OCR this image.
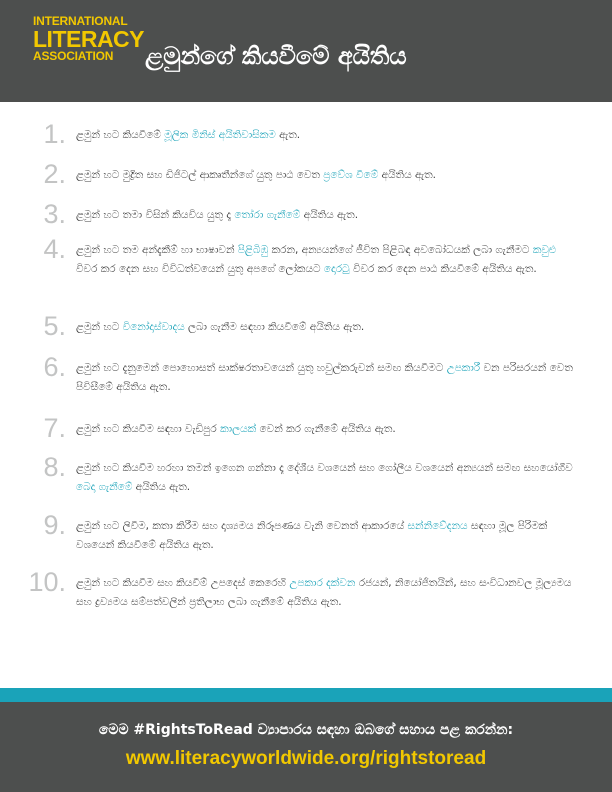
INTERNATIONAL
LITERACY
ASSOCIATION	ළමුන්ගේ කියවීමේ අයිතිය
1. ළමුන් හට කියවීමේ මූලික මිනිස් අයිතිවාසිකම ඇත.
2. ළමුන් හට මුද්‍රිත සහ ඩිජිටල් ආකෘතීන්ගේ යුතු පාඨ වෙත ප්‍රවේශ වීමේ අයිතිය ඇත.
3. ළමුන් හට තමා විසින් කියවිය යුතු දෑ තෝරා ගැනීමේ අයිතිය ඇත.
4. ළමුන් හට තම අන්දැකීම් හා භාෂාවන් පිළිබිඹු කරන, අන්‍යයන්ගේ ජීවිත පිළිබඳ අවබෝධයක් ලබා ගැනීමට කවුළු විවර කර දෙන සහ විවිධත්වයෙන් යුතු අපගේ ලෝකයට දොරටු විවර කර දෙන පාඨ කියවීමේ අයිතිය ඇත.
5. ළමුන් හට විනෝදාස්වාදය ලබා ගැනීම සඳහා කියවීමේ අයිතිය ඇත.
6. ළමුන් හට දැනුමෙන් පොහොසත් සාක්ෂරතාවයෙන් යුතු හවුල්කරුවන් සමඟ කියවීමට උපකාරී වන පරිසරයන් වෙත පිවිසීමේ අයිතිය ඇත.
7. ළමුන් හට කියවීම සඳහා වැඩිපුර කාලයක් වෙන් කර ගැනීමේ අයිතිය ඇත.
8. ළමුන් හට කියවීම හරහා තමන් ඉගෙන ගන්නා දෑ දේශීය වශයෙන් සහ ගෝලීය වශයෙන් අන්‍යයන් සමඟ සහයෝගීව බෙදා ගැනීමේ අයිතිය ඇත.
9. ළමුන් හට ලිවීම, කතා කිරීම සහ දෘශ්‍යමය නිරූපණය වැනි වෙනත් ආකාරයේ සන්නිවේදනය සඳහා මූල පිරිමක් වශයෙන් කියවීමේ අයිතිය ඇත.
10. ළමුන් හට කියවීම සහ කියවීම් උපදෙස් කෙරෙහි උපකාර දක්වන රජයන්, නියෝජිතයින්, සහ සංවිධානවල මූල්‍යමය සහ ද්‍රව්‍යමය සම්පත්වලින් ප්‍රතිලාභ ලබා ගැනීමේ අයිතිය ඇත.
මෙම #RightsToRead ව්‍යාපාරය සඳහා ඔබගේ සහාය පළ කරන්න:
www.literacyworldwide.org/rightstoread
